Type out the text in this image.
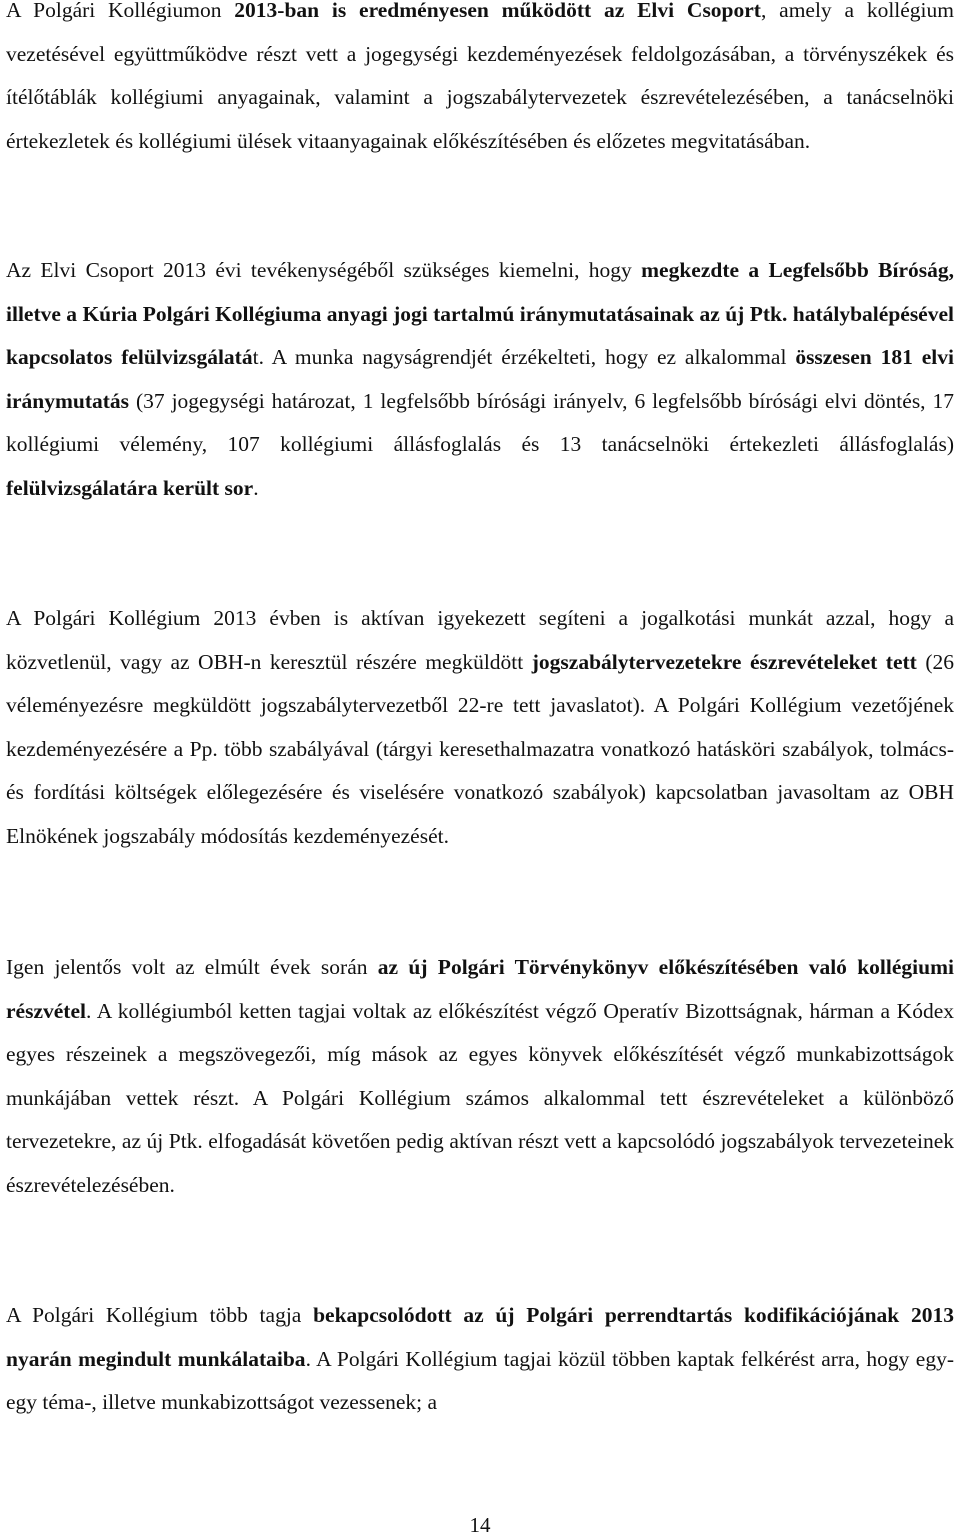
A Polgári Kollégiumon 2013-ban is eredményesen működött az Elvi Csoport, amely a kollégium vezetésével együttműködve részt vett a jogegységi kezdeményezések feldolgozásában, a törvényszékek és ítélőtáblák kollégiumi anyagainak, valamint a jogszabálytervezetek észrevételezésében, a tanácselnöki értekezletek és kollégiumi ülések vitaanyagainak előkészítésében és előzetes megvitatásában.

Az Elvi Csoport 2013 évi tevékenységéből szükséges kiemelni, hogy megkezdte a Legfelsőbb Bíróság, illetve a Kúria Polgári Kollégiuma anyagi jogi tartalmú iránymutatásainak az új Ptk. hatálybalépésével kapcsolatos felülvizsgálatát. A munka nagyságrendjét érzékelteti, hogy ez alkalommal összesen 181 elvi iránymutatás (37 jogegységi határozat, 1 legfelsőbb bírósági irányelv, 6 legfelsőbb bírósági elvi döntés, 17 kollégiumi vélemény, 107 kollégiumi állásfoglalás és 13 tanácselnöki értekezleti állásfoglalás) felülvizsgálatára került sor.

A Polgári Kollégium 2013 évben is aktívan igyekezett segíteni a jogalkotási munkát azzal, hogy a közvetlenül, vagy az OBH-n keresztül részére megküldött jogszabálytervezetekre észrevételeket tett (26 véleményezésre megküldött jogszabálytervezetből 22-re tett javaslatot). A Polgári Kollégium vezetőjének kezdeményezésére a Pp. több szabályával (tárgyi keresethalmazatra vonatkozó hatásköri szabályok, tolmács- és fordítási költségek előlegezésére és viselésére vonatkozó szabályok) kapcsolatban javasoltam az OBH Elnökének jogszabály módosítás kezdeményezését.

Igen jelentős volt az elmúlt évek során az új Polgári Törvénykönyv előkészítésében való kollégiumi részvétel. A kollégiumból ketten tagjai voltak az előkészítést végző Operatív Bizottságnak, hárman a Kódex egyes részeinek a megszövegezői, míg mások az egyes könyvek előkészítését végző munkabizottságok munkájában vettek részt. A Polgári Kollégium számos alkalommal tett észrevételeket a különböző tervezetekre, az új Ptk. elfogadását követően pedig aktívan részt vett a kapcsolódó jogszabályok tervezeteinek észrevételezésében.

A Polgári Kollégium több tagja bekapcsolódott az új Polgári perrendtartás kodifikációjának 2013 nyarán megindult munkálataiba. A Polgári Kollégium tagjai közül többen kaptak felkérést arra, hogy egy-egy téma-, illetve munkabizottságot vezessenek; a

14
